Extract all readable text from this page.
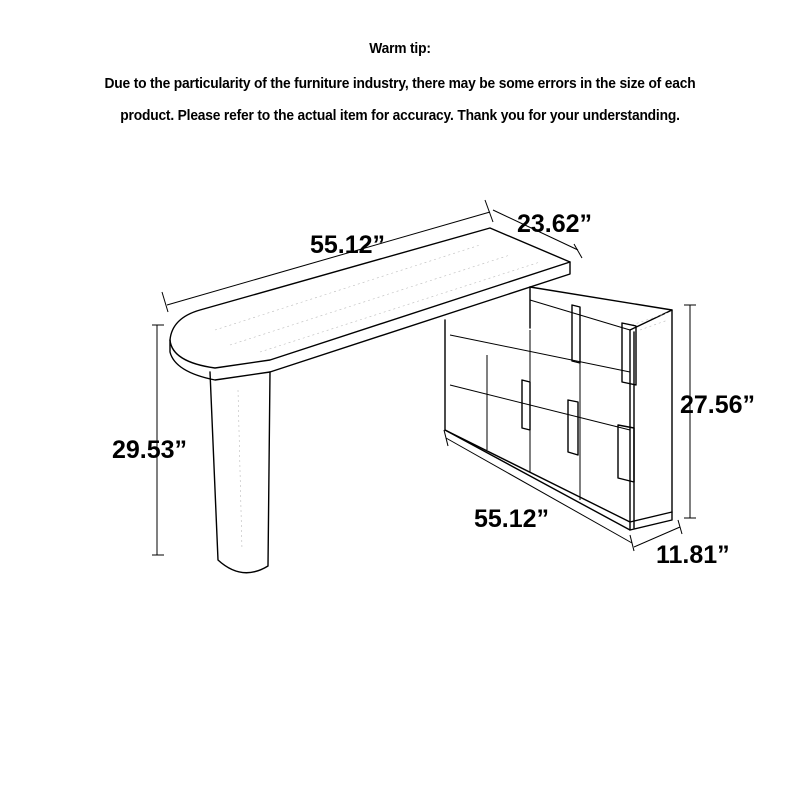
Warm tip:
Due to the particularity of the furniture industry, there may be some errors in the size of each
product. Please refer to the actual item for accuracy. Thank you for your understanding.
55.12”
23.62”
29.53”
27.56”
55.12”
11.81”
